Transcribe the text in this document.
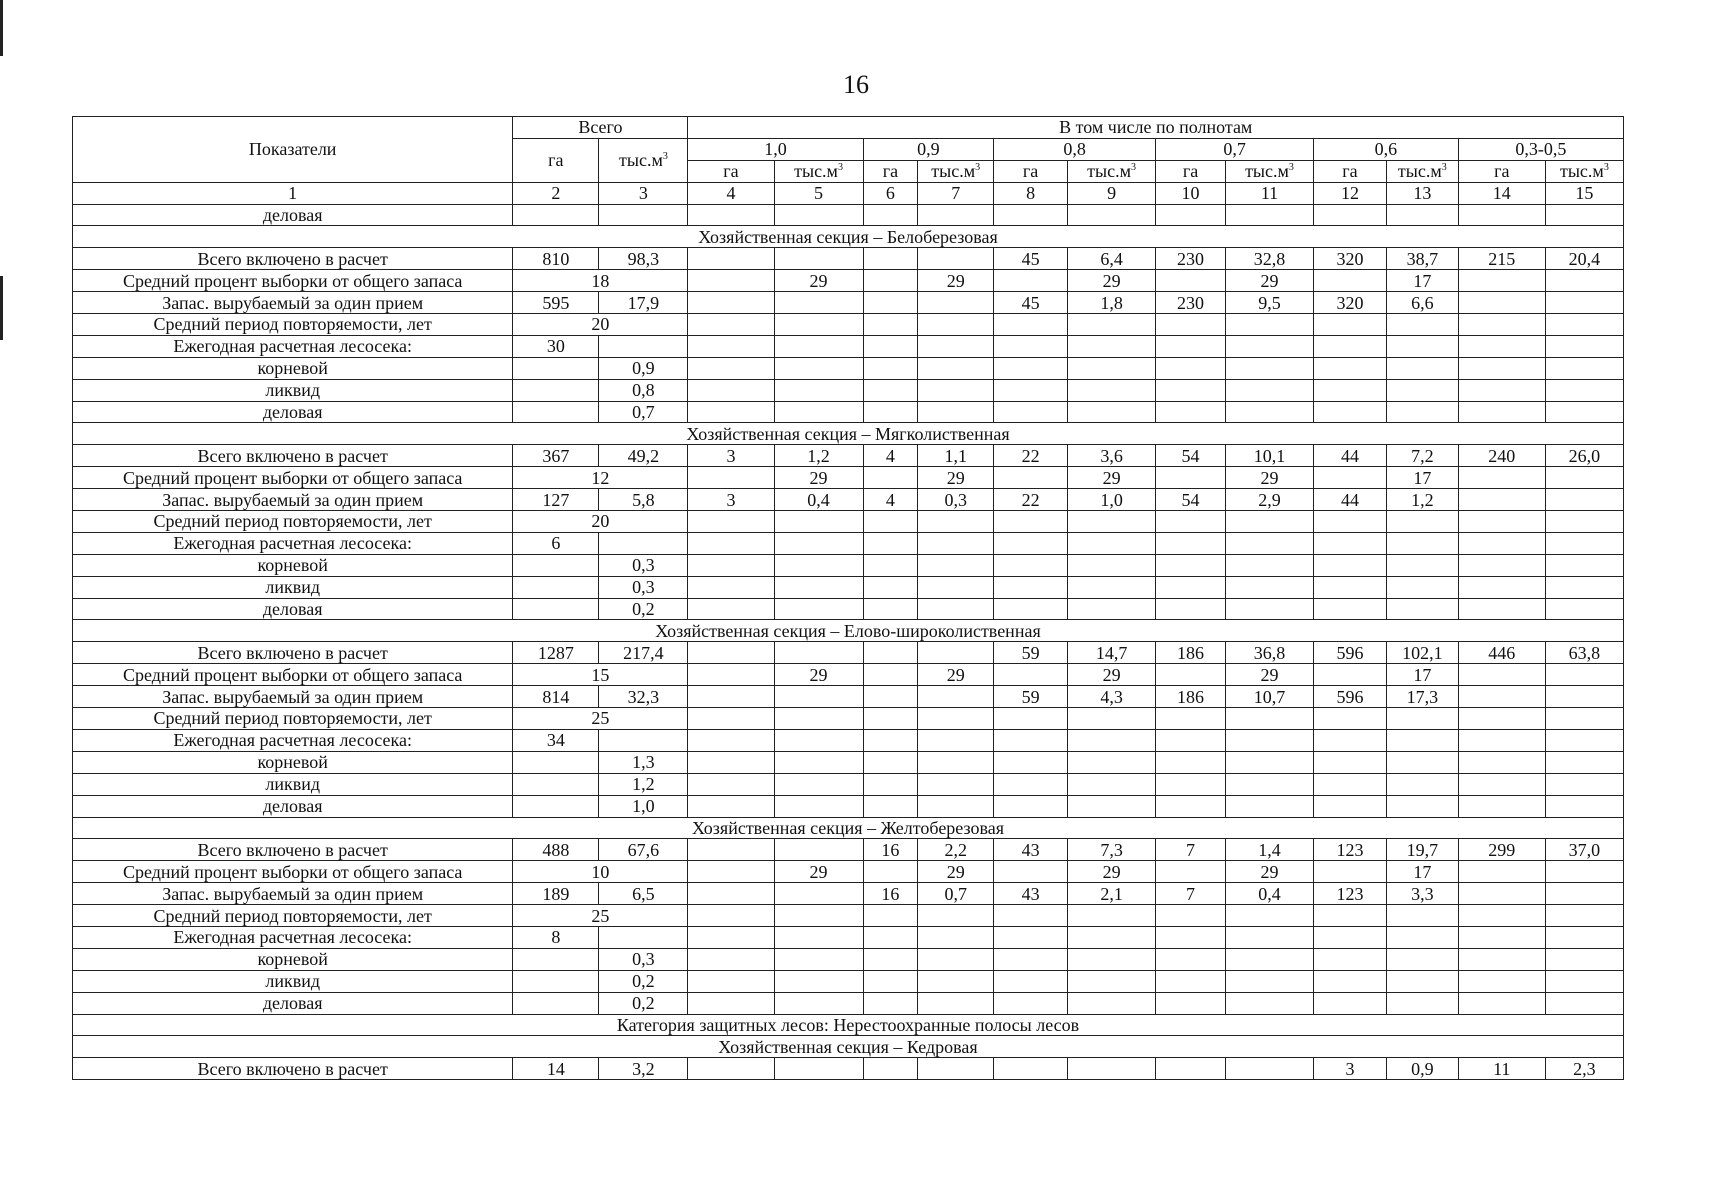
16
Показатели	Всего		В том числе по полнотам											
	га	$тыс.м^3$	1,0		0,9		0,8		0,7		0,6		0,3-0,5	
			га	$тыс.м^3$	га	$тыс.м^3$	га	$тыс.м^3$	га	$тыс.м^3$	га	$тыс.м^3$	га	$тыс.м^3$
1	2	3	4	5	6	7	8	9	10	11	12	13	14	15
деловая														
Хозяйственная секция – Белоберезовая														
Всего включено в расчет	810	98,3					45	6,4	230	32,8	320	38,7	215	20,4
Средний процент выборки от общего запаса	18			29		29		29		29		17		
Запас. вырубаемый за один прием	595	17,9					45	1,8	230	9,5	320	6,6		
Средний период повторяемости, лет	20													
Ежегодная расчетная лесосека:	30													
корневой		0,9												
ликвид		0,8												
деловая		0,7												
Хозяйственная секция – Мягколиственная														
Всего включено в расчет	367	49,2	3	1,2	4	1,1	22	3,6	54	10,1	44	7,2	240	26,0
Средний процент выборки от общего запаса	12			29		29		29		29		17		
Запас. вырубаемый за один прием	127	5,8	3	0,4	4	0,3	22	1,0	54	2,9	44	1,2		
Средний период повторяемости, лет	20													
Ежегодная расчетная лесосека:	6													
корневой		0,3												
ликвид		0,3												
деловая		0,2												
Хозяйственная секция – Елово-широколиственная														
Всего включено в расчет	1287	217,4					59	14,7	186	36,8	596	102,1	446	63,8
Средний процент выборки от общего запаса	15			29		29		29		29		17		
Запас. вырубаемый за один прием	814	32,3					59	4,3	186	10,7	596	17,3		
Средний период повторяемости, лет	25													
Ежегодная расчетная лесосека:	34													
корневой		1,3												
ликвид		1,2												
деловая		1,0												
Хозяйственная секция – Желтоберезовая														
Всего включено в расчет	488	67,6			16	2,2	43	7,3	7	1,4	123	19,7	299	37,0
Средний процент выборки от общего запаса	10			29		29		29		29		17		
Запас. вырубаемый за один прием	189	6,5			16	0,7	43	2,1	7	0,4	123	3,3		
Средний период повторяемости, лет	25													
Ежегодная расчетная лесосека:	8													
корневой		0,3												
ликвид		0,2												
деловая		0,2												
Категория защитных лесов: Нерестоохранные полосы лесов														
Хозяйственная секция – Кедровая														
Всего включено в расчет	14	3,2									3	0,9	11	2,3
